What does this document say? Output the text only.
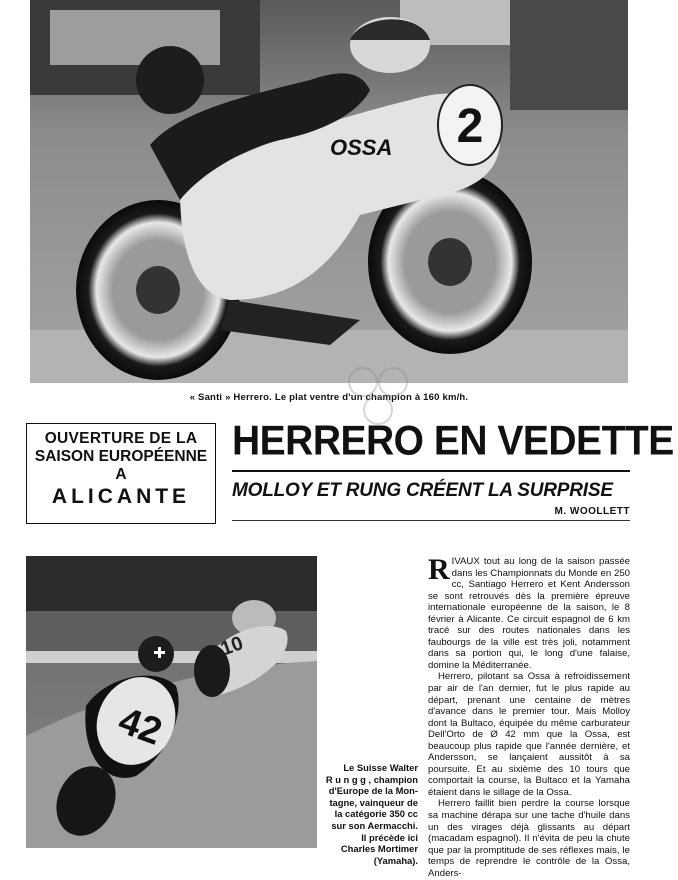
2
OSSA
« Santi » Herrero. Le plat ventre d'un champion à 160 km/h.
OUVERTURE DE LA
SAISON EUROPÉENNE
A
ALICANTE
HERRERO EN VEDETTE
MOLLOY ET RUNG CRÉENT LA SURPRISE
M. WOOLLETT
10
42
Le Suisse Walter
R u n g g , champion
d'Europe de la Mon-
tagne, vainqueur de
la catégorie 350 cc
sur son Aermacchi.
Il précède ici
Charles Mortimer
(Yamaha).

RIVAUX tout au long de la saison passée dans les Championnats du Monde en 250 cc, Santiago Herrero et Kent Andersson se sont retrouvés dès la première épreuve internationale européenne de la saison, le 8 février à Alicante. Ce circuit espagnol de 6 km tracé sur des routes nationales dans les faubourgs de la ville est très joli, notamment dans sa portion qui, le long d'une falaise, domine la Méditerranée.

Herrero, pilotant sa Ossa à refroidissement par air de l'an dernier, fut le plus rapide au départ, prenant une centaine de mètres d'avance dans le premier tour. Mais Molloy dont la Bultaco, équipée du même carburateur Dell'Orto de Ø 42 mm que la Ossa, est beaucoup plus rapide que l'année dernière, et Andersson, se lançaient aussitôt à sa poursuite. Et au sixième des 10 tours que comportait la course, la Bultaco et la Yamaha étaient dans le sillage de la Ossa.

Herrero faillit bien perdre la course lorsque sa machine dérapa sur une tache d'huile dans un des virages déjà glissants au départ (macadam espagnol). Il n'évita de peu la chute que par la promptitude de ses réflexes mais, le temps de reprendre le contrôle de la Ossa, Anders-
